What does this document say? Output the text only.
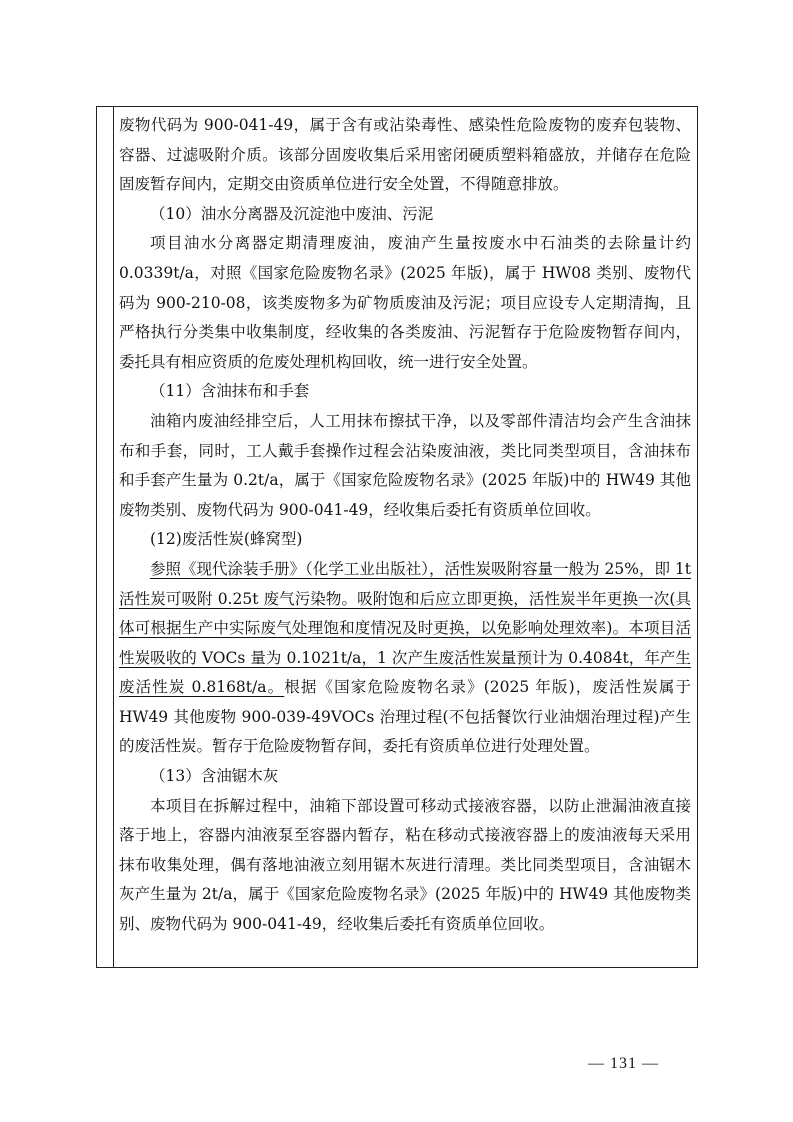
废物代码为 900-041-49，属于含有或沾染毒性、感染性危险废物的废弃包装物、容器、过滤吸附介质。该部分固废收集后采用密闭硬质塑料箱盛放，并储存在危险固废暂存间内，定期交由资质单位进行安全处置，不得随意排放。

（10）油水分离器及沉淀池中废油、污泥

项目油水分离器定期清理废油，废油产生量按废水中石油类的去除量计约 0.0339t/a，对照《国家危险废物名录》(2025 年版)，属于 HW08 类别、废物代码为 900-210-08，该类废物多为矿物质废油及污泥；项目应设专人定期清掏，且严格执行分类集中收集制度，经收集的各类废油、污泥暂存于危险废物暂存间内，委托具有相应资质的危废处理机构回收，统一进行安全处置。

（11）含油抹布和手套

油箱内废油经排空后，人工用抹布擦拭干净，以及零部件清洁均会产生含油抹布和手套，同时，工人戴手套操作过程会沾染废油液，类比同类型项目，含油抹布和手套产生量为 0.2t/a，属于《国家危险废物名录》(2025 年版)中的 HW49 其他废物类别、废物代码为 900-041-49，经收集后委托有资质单位回收。

(12)废活性炭(蜂窝型)

参照《现代涂装手册》（化学工业出版社），活性炭吸附容量一般为 25%，即 1t 活性炭可吸附 0.25t 废气污染物。吸附饱和后应立即更换，活性炭半年更换一次(具体可根据生产中实际废气处理饱和度情况及时更换，以免影响处理效率)。本项目活性炭吸收的 VOCs 量为 0.1021t/a，1 次产生废活性炭量预计为 0.4084t，年产生废活性炭 0.8168t/a。根据《国家危险废物名录》(2025 年版)，废活性炭属于 HW49 其他废物 900-039-49VOCs 治理过程(不包括餐饮行业油烟治理过程)产生的废活性炭。暂存于危险废物暂存间，委托有资质单位进行处理处置。

（13）含油锯木灰

本项目在拆解过程中，油箱下部设置可移动式接液容器，以防止泄漏油液直接落于地上，容器内油液泵至容器内暂存，粘在移动式接液容器上的废油液每天采用抹布收集处理，偶有落地油液立刻用锯木灰进行清理。类比同类型项目，含油锯木灰产生量为 2t/a，属于《国家危险废物名录》(2025 年版)中的 HW49 其他废物类别、废物代码为 900-041-49，经收集后委托有资质单位回收。

— 131 —
